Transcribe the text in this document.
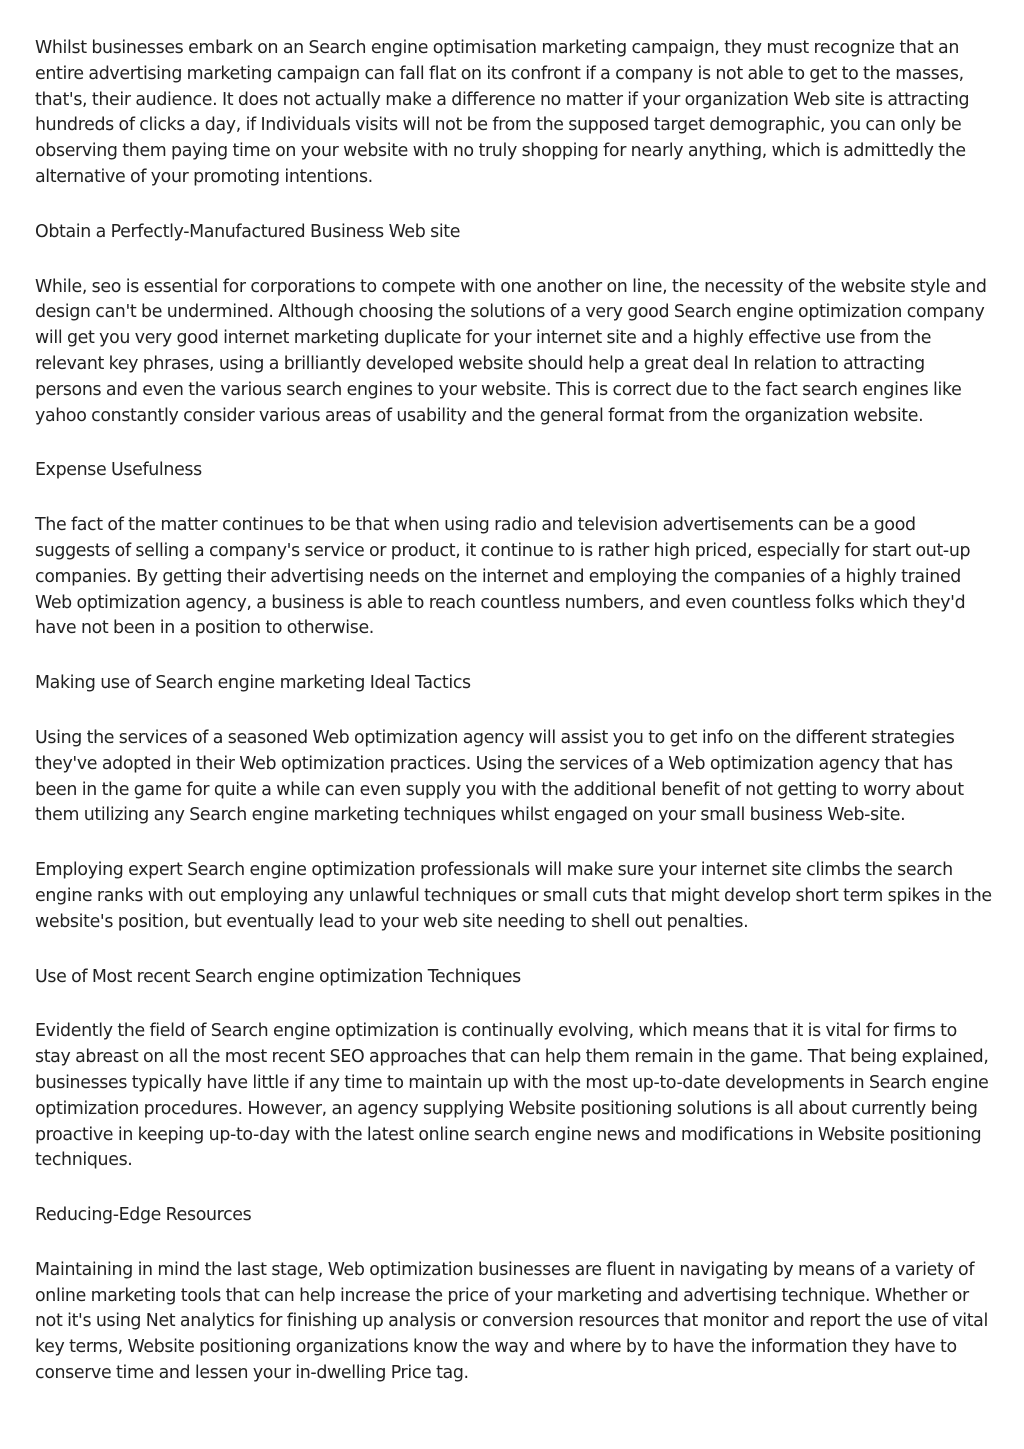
Whilst businesses embark on an Search engine optimisation marketing campaign, they must recognize that an entire advertising marketing campaign can fall flat on its confront if a company is not able to get to the masses, that's, their audience. It does not actually make a difference no matter if your organization Web site is attracting hundreds of clicks a day, if Individuals visits will not be from the supposed target demographic, you can only be observing them paying time on your website with no truly shopping for nearly anything, which is admittedly the alternative of your promoting intentions.

Obtain a Perfectly-Manufactured Business Web site

While, seo is essential for corporations to compete with one another on line, the necessity of the website style and design can't be undermined. Although choosing the solutions of a very good Search engine optimization company will get you very good internet marketing duplicate for your internet site and a highly effective use from the relevant key phrases, using a brilliantly developed website should help a great deal In relation to attracting persons and even the various search engines to your website. This is correct due to the fact search engines like yahoo constantly consider various areas of usability and the general format from the organization website.

Expense Usefulness

The fact of the matter continues to be that when using radio and television advertisements can be a good suggests of selling a company's service or product, it continue to is rather high priced, especially for start out-up companies. By getting their advertising needs on the internet and employing the companies of a highly trained Web optimization agency, a business is able to reach countless numbers, and even countless folks which they'd have not been in a position to otherwise.

Making use of Search engine marketing Ideal Tactics

Using the services of a seasoned Web optimization agency will assist you to get info on the different strategies they've adopted in their Web optimization practices. Using the services of a Web optimization agency that has been in the game for quite a while can even supply you with the additional benefit of not getting to worry about them utilizing any Search engine marketing techniques whilst engaged on your small business Web-site.

Employing expert Search engine optimization professionals will make sure your internet site climbs the search engine ranks with out employing any unlawful techniques or small cuts that might develop short term spikes in the website's position, but eventually lead to your web site needing to shell out penalties.

Use of Most recent Search engine optimization Techniques

Evidently the field of Search engine optimization is continually evolving, which means that it is vital for firms to stay abreast on all the most recent SEO approaches that can help them remain in the game. That being explained, businesses typically have little if any time to maintain up with the most up-to-date developments in Search engine optimization procedures. However, an agency supplying Website positioning solutions is all about currently being proactive in keeping up-to-day with the latest online search engine news and modifications in Website positioning techniques.

Reducing-Edge Resources

Maintaining in mind the last stage, Web optimization businesses are fluent in navigating by means of a variety of online marketing tools that can help increase the price of your marketing and advertising technique. Whether or not it's using Net analytics for finishing up analysis or conversion resources that monitor and report the use of vital key terms, Website positioning organizations know the way and where by to have the information they have to conserve time and lessen your in-dwelling Price tag.
